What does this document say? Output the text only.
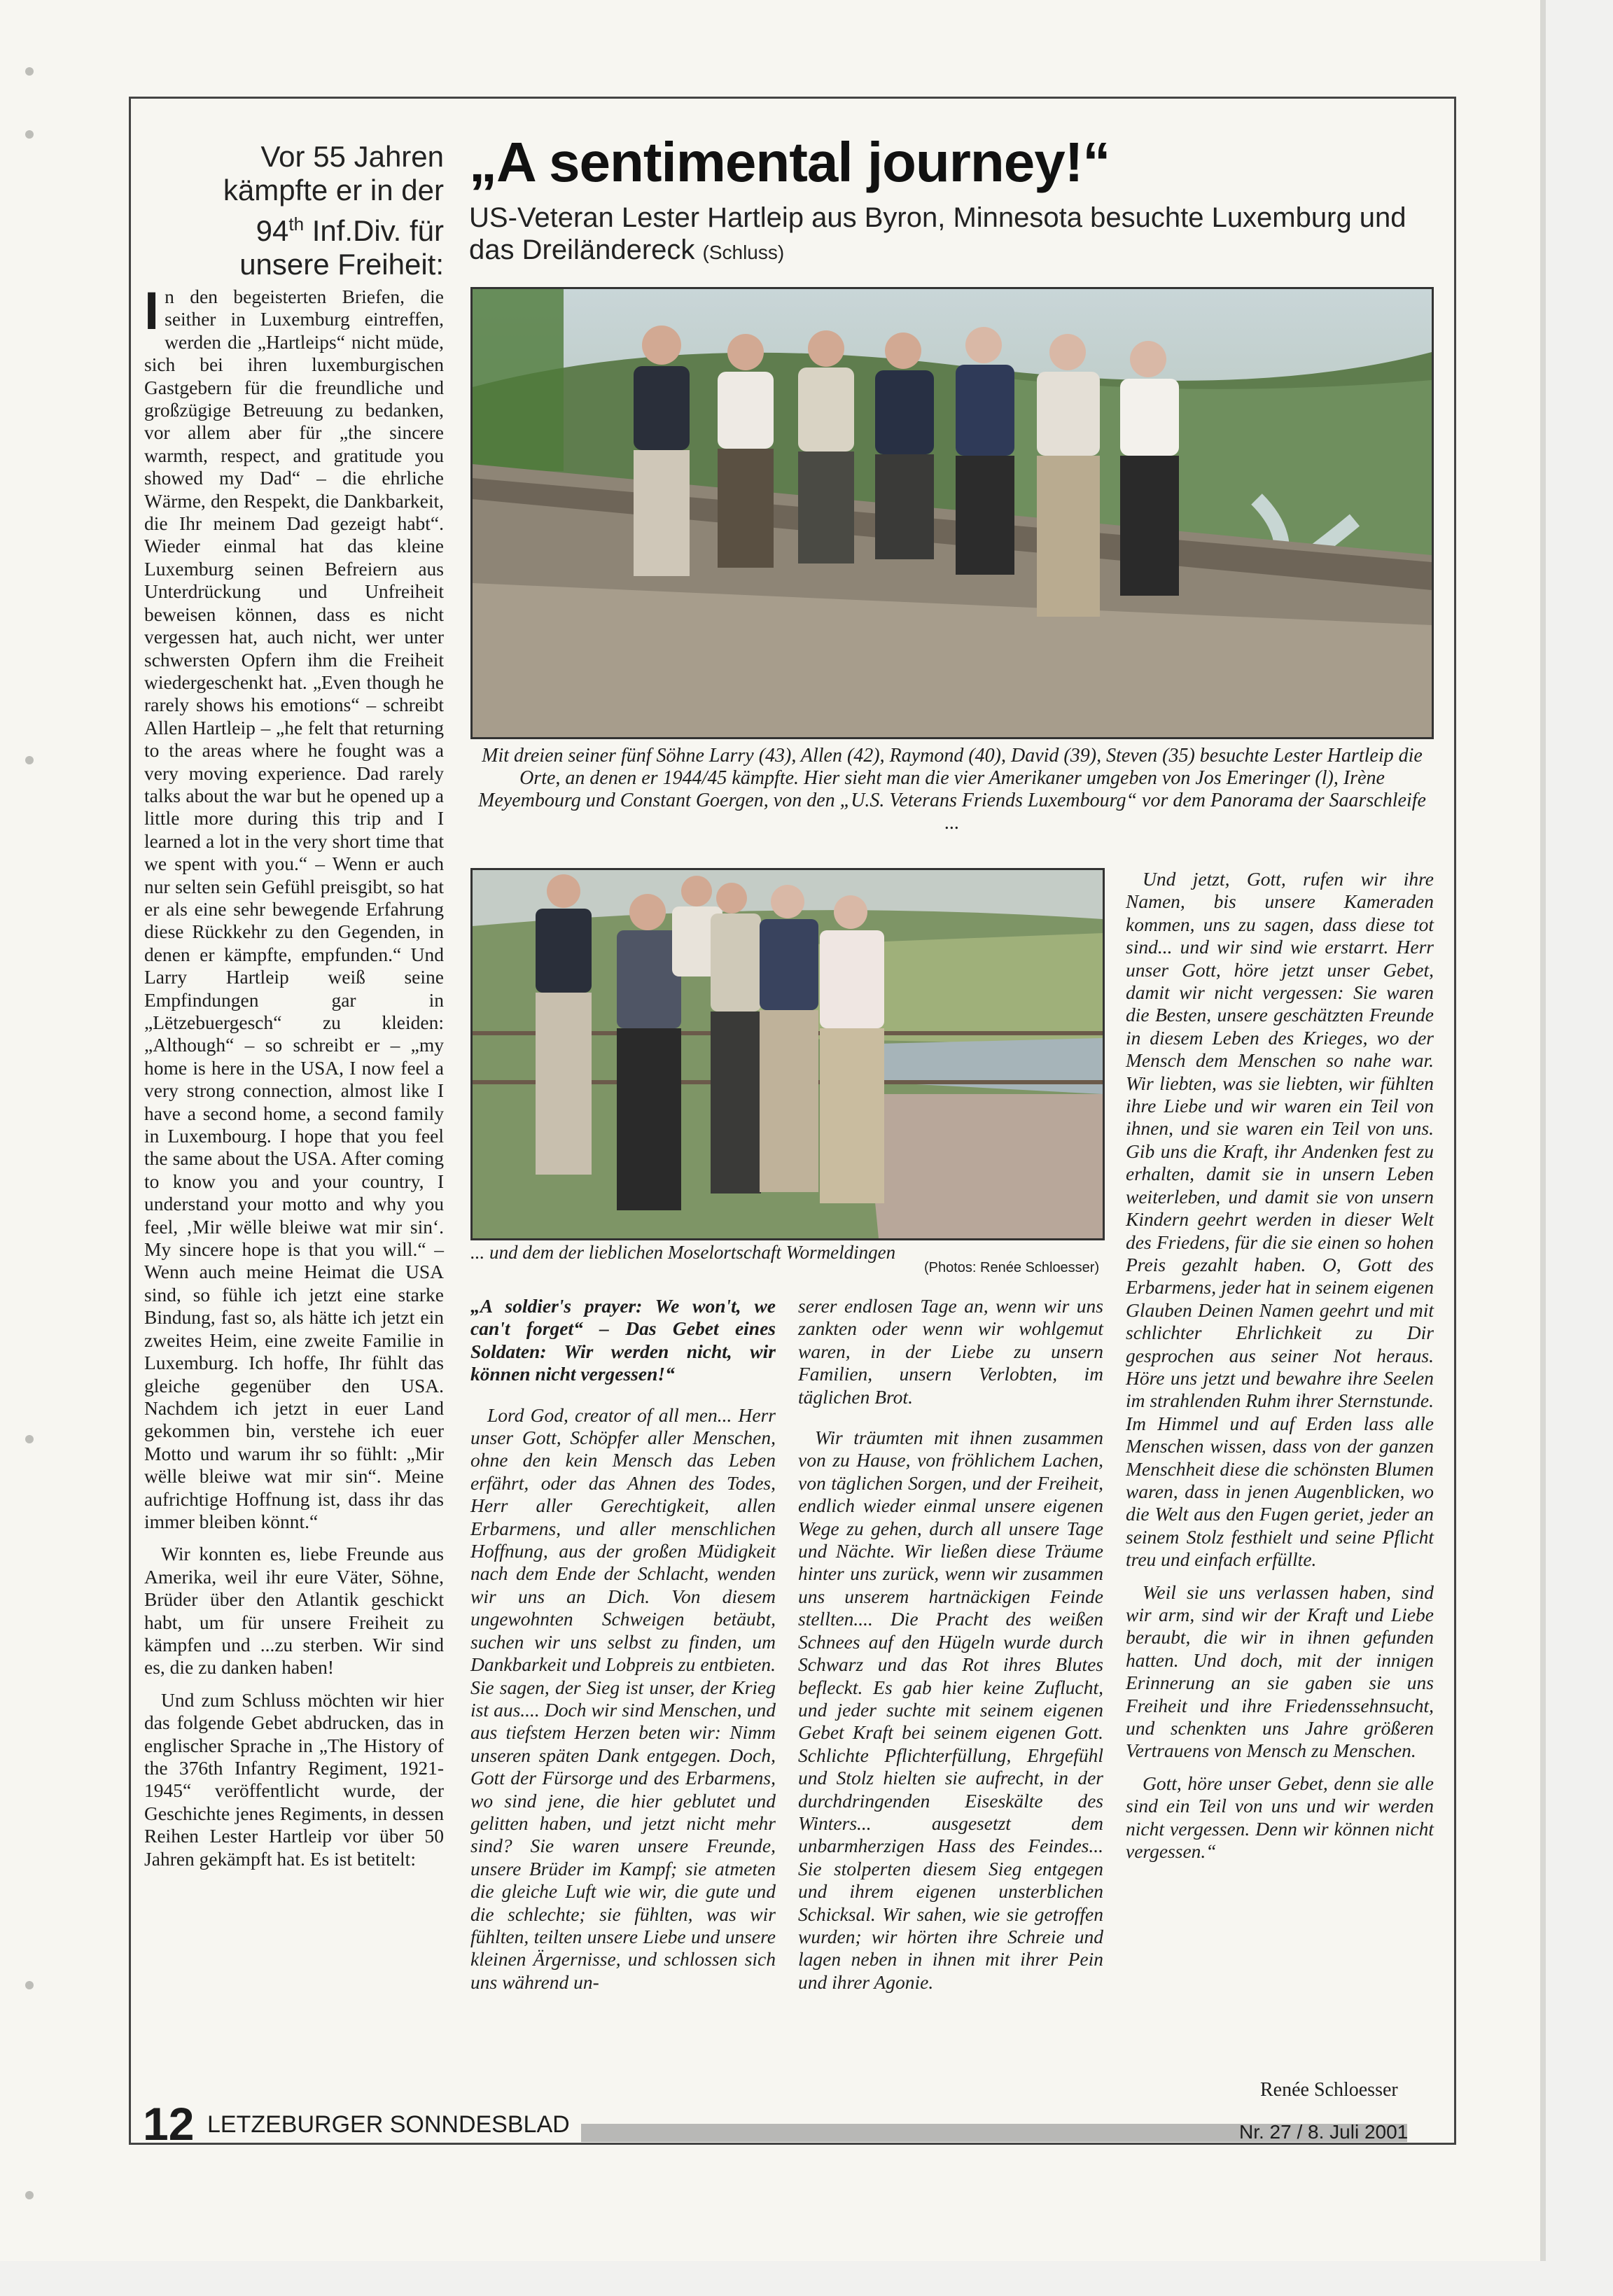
Vor 55 Jahren
kämpfte er in der
94th Inf.Div. für
unsere Freiheit:
„A sentimental journey!“
US-Veteran Lester Hartleip aus Byron, Minnesota besuchte Luxemburg und das Dreiländereck (Schluss)

In den begeisterten Briefen, die seither in Luxemburg eintreffen, werden die „Hartleips“ nicht müde, sich bei ihren luxemburgischen Gastgebern für die freundliche und großzügige Betreuung zu bedanken, vor allem aber für „the sincere warmth, respect, and gratitude you showed my Dad“ – die ehrliche Wärme, den Respekt, die Dankbarkeit, die Ihr meinem Dad gezeigt habt“. Wieder einmal hat das kleine Luxemburg seinen Befreiern aus Unterdrückung und Unfreiheit beweisen können, dass es nicht vergessen hat, auch nicht, wer unter schwersten Opfern ihm die Freiheit wiedergeschenkt hat. „Even though he rarely shows his emotions“ – schreibt Allen Hartleip – „he felt that returning to the areas where he fought was a very moving experience. Dad rarely talks about the war but he opened up a little more during this trip and I learned a lot in the very short time that we spent with you.“ – Wenn er auch nur selten sein Gefühl preisgibt, so hat er als eine sehr bewegende Erfahrung diese Rückkehr zu den Gegenden, in denen er kämpfte, empfunden.“ Und Larry Hartleip weiß seine Empfindungen gar in „Lëtzebuergesch“ zu kleiden: „Although“ – so schreibt er – „my home is here in the USA, I now feel a very strong connection, almost like I have a second home, a second family in Luxembourg. I hope that you feel the same about the USA. After coming to know you and your country, I understand your motto and why you feel, ‚Mir wëlle bleiwe wat mir sin‘. My sincere hope is that you will.“ – Wenn auch meine Heimat die USA sind, so fühle ich jetzt eine starke Bindung, fast so, als hätte ich jetzt ein zweites Heim, eine zweite Familie in Luxemburg. Ich hoffe, Ihr fühlt das gleiche gegenüber den USA. Nachdem ich jetzt in euer Land gekommen bin, verstehe ich euer Motto und warum ihr so fühlt: „Mir wëlle bleiwe wat mir sin“. Meine aufrichtige Hoffnung ist, dass ihr das immer bleiben könnt.“

Wir konnten es, liebe Freunde aus Amerika, weil ihr eure Väter, Söhne, Brüder über den Atlantik geschickt habt, um für unsere Freiheit zu kämpfen und ...zu sterben. Wir sind es, die zu danken haben!

Und zum Schluss möchten wir hier das folgende Gebet abdrucken, das in englischer Sprache in „The History of the 376th Infantry Regiment, 1921-1945“ veröffentlicht wurde, der Geschichte jenes Regiments, in dessen Reihen Lester Hartleip vor über 50 Jahren gekämpft hat. Es ist betitelt:

Mit dreien seiner fünf Söhne Larry (43), Allen (42), Raymond (40), David (39), Steven (35) besuchte Lester Hartleip die Orte, an denen er 1944/45 kämpfte. Hier sieht man die vier Amerikaner umgeben von Jos Emeringer (l), Irène Meyembourg und Constant Goergen, von den „U.S. Veterans Friends Luxembourg“ vor dem Panorama der Saarschleife ...
... und dem der lieblichen Moselortschaft Wormeldingen
(Photos: Renée Schloesser)

„A soldier's prayer: We won't, we can't forget“ – Das Gebet eines Soldaten: Wir werden nicht, wir können nicht vergessen!“

Lord God, creator of all men... Herr unser Gott, Schöpfer aller Menschen, ohne den kein Mensch das Leben erfährt, oder das Ahnen des Todes, Herr aller Gerechtigkeit, allen Erbarmens, und aller menschlichen Hoffnung, aus der großen Müdigkeit nach dem Ende der Schlacht, wenden wir uns an Dich. Von diesem ungewohnten Schweigen betäubt, suchen wir uns selbst zu finden, um Dankbarkeit und Lobpreis zu entbieten. Sie sagen, der Sieg ist unser, der Krieg ist aus.... Doch wir sind Menschen, und aus tiefstem Herzen beten wir: Nimm unseren späten Dank entgegen. Doch, Gott der Fürsorge und des Erbarmens, wo sind jene, die hier geblutet und gelitten haben, und jetzt nicht mehr sind? Sie waren unsere Freunde, unsere Brüder im Kampf; sie atmeten die gleiche Luft wie wir, die gute und die schlechte; sie fühlten, was wir fühlten, teilten unsere Liebe und unsere kleinen Ärgernisse, und schlossen sich uns während un-

serer endlosen Tage an, wenn wir uns zankten oder wenn wir wohlgemut waren, in der Liebe zu unsern Familien, unsern Verlobten, im täglichen Brot.

Wir träumten mit ihnen zusammen von zu Hause, von fröhlichem Lachen, von täglichen Sorgen, und der Freiheit, endlich wieder einmal unsere eigenen Wege zu gehen, durch all unsere Tage und Nächte. Wir ließen diese Träume hinter uns zurück, wenn wir zusammen uns unserem hartnäckigen Feinde stellten.... Die Pracht des weißen Schnees auf den Hügeln wurde durch Schwarz und das Rot ihres Blutes befleckt. Es gab hier keine Zuflucht, und jeder suchte mit seinem eigenen Gebet Kraft bei seinem eigenen Gott. Schlichte Pflichterfüllung, Ehrgefühl und Stolz hielten sie aufrecht, in der durchdringenden Eiseskälte des Winters... ausgesetzt dem unbarmherzigen Hass des Feindes... Sie stolperten diesem Sieg entgegen und ihrem eigenen unsterblichen Schicksal. Wir sahen, wie sie getroffen wurden; wir hörten ihre Schreie und lagen neben in ihnen mit ihrer Pein und ihrer Agonie.

Und jetzt, Gott, rufen wir ihre Namen, bis unsere Kameraden kommen, uns zu sagen, dass diese tot sind... und wir sind wie erstarrt. Herr unser Gott, höre jetzt unser Gebet, damit wir nicht vergessen: Sie waren die Besten, unsere geschätzten Freunde in diesem Leben des Krieges, wo der Mensch dem Menschen so nahe war. Wir liebten, was sie liebten, wir fühlten ihre Liebe und wir waren ein Teil von ihnen, und sie waren ein Teil von uns. Gib uns die Kraft, ihr Andenken fest zu erhalten, damit sie in unsern Leben weiterleben, und damit sie von unsern Kindern geehrt werden in dieser Welt des Friedens, für die sie einen so hohen Preis gezahlt haben. O, Gott des Erbarmens, jeder hat in seinem eigenen Glauben Deinen Namen geehrt und mit schlichter Ehrlichkeit zu Dir gesprochen aus seiner Not heraus. Höre uns jetzt und bewahre ihre Seelen im strahlenden Ruhm ihrer Sternstunde. Im Himmel und auf Erden lass alle Menschen wissen, dass von der ganzen Menschheit diese die schönsten Blumen waren, dass in jenen Augenblicken, wo die Welt aus den Fugen geriet, jeder an seinem Stolz festhielt und seine Pflicht treu und einfach erfüllte.

Weil sie uns verlassen haben, sind wir arm, sind wir der Kraft und Liebe beraubt, die wir in ihnen gefunden hatten. Und doch, mit der innigen Erinnerung an sie gaben sie uns Freiheit und ihre Friedenssehnsucht, und schenkten uns Jahre größeren Vertrauens von Mensch zu Menschen.

Gott, höre unser Gebet, denn sie alle sind ein Teil von uns und wir werden nicht vergessen. Denn wir können nicht vergessen.“

Renée Schloesser
12 LETZEBURGER SONNDESBLAD	Nr. 27 / 8. Juli 2001
